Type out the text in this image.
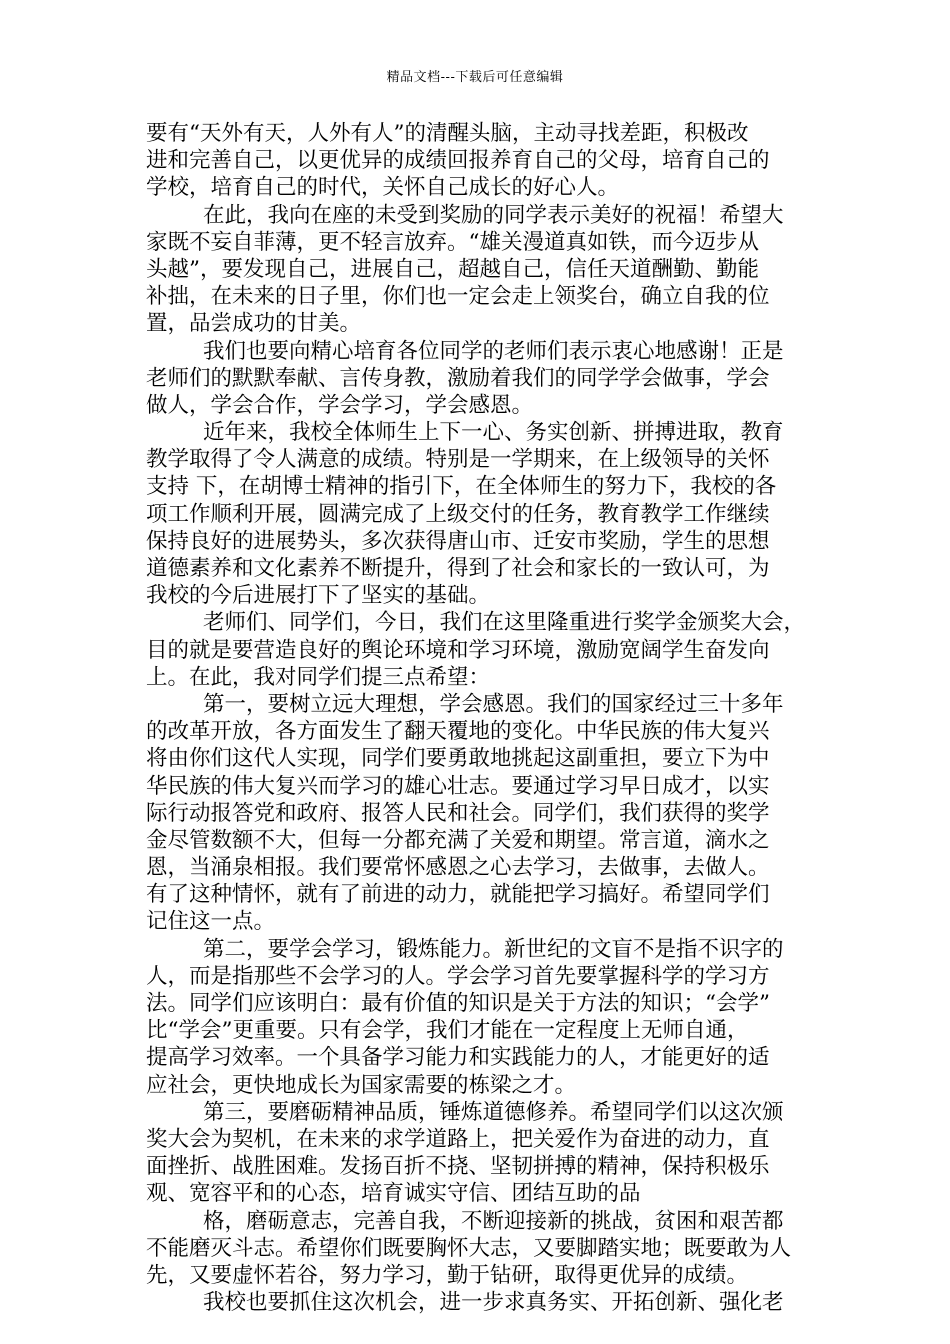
精品文档---下载后可任意编辑
要有“天外有天，人外有人”的清醒头脑，主动寻找差距，积极改
进和完善自己，以更优异的成绩回报养育自己的父母，培育自己的
学校，培育自己的时代，关怀自己成长的好心人。
在此，我向在座的未受到奖励的同学表示美好的祝福！希望大
家既不妄自菲薄，更不轻言放弃。“雄关漫道真如铁，而今迈步从
头越”，要发现自己，进展自己，超越自己，信任天道酬勤、勤能
补拙，在未来的日子里，你们也一定会走上领奖台，确立自我的位
置，品尝成功的甘美。
我们也要向精心培育各位同学的老师们表示衷心地感谢！正是
老师们的默默奉献、言传身教，激励着我们的同学学会做事，学会
做人，学会合作，学会学习，学会感恩。
近年来，我校全体师生上下一心、务实创新、拼搏进取，教育
教学取得了令人满意的成绩。特别是一学期来，在上级领导的关怀
支持 下，在胡博士精神的指引下，在全体师生的努力下，我校的各
项工作顺利开展，圆满完成了上级交付的任务，教育教学工作继续
保持良好的进展势头，多次获得唐山市、迁安市奖励，学生的思想
道德素养和文化素养不断提升，得到了社会和家长的一致认可，为
我校的今后进展打下了坚实的基础。
老师们、同学们，今日，我们在这里隆重进行奖学金颁奖大会，
目的就是要营造良好的舆论环境和学习环境，激励宽阔学生奋发向
上。在此，我对同学们提三点希望：
第一，要树立远大理想，学会感恩。我们的国家经过三十多年
的改革开放，各方面发生了翻天覆地的变化。中华民族的伟大复兴
将由你们这代人实现，同学们要勇敢地挑起这副重担，要立下为中
华民族的伟大复兴而学习的雄心壮志。要通过学习早日成才，以实
际行动报答党和政府、报答人民和社会。同学们，我们获得的奖学
金尽管数额不大，但每一分都充满了关爱和期望。常言道，滴水之
恩，当涌泉相报。我们要常怀感恩之心去学习，去做事，去做人。
有了这种情怀，就有了前进的动力，就能把学习搞好。希望同学们
记住这一点。
第二，要学会学习，锻炼能力。新世纪的文盲不是指不识字的
人，而是指那些不会学习的人。学会学习首先要掌握科学的学习方
法。同学们应该明白：最有价值的知识是关于方法的知识；“会学”
比“学会”更重要。只有会学，我们才能在一定程度上无师自通，
提高学习效率。一个具备学习能力和实践能力的人，才能更好的适
应社会，更快地成长为国家需要的栋梁之才。
第三，要磨砺精神品质，锤炼道德修养。希望同学们以这次颁
奖大会为契机，在未来的求学道路上，把关爱作为奋进的动力，直
面挫折、战胜困难。发扬百折不挠、坚韧拼搏的精神，保持积极乐
观、宽容平和的心态，培育诚实守信、团结互助的品
格，磨砺意志，完善自我，不断迎接新的挑战，贫困和艰苦都
不能磨灭斗志。希望你们既要胸怀大志，又要脚踏实地；既要敢为人
先，又要虚怀若谷，努力学习，勤于钻研，取得更优异的成绩。
我校也要抓住这次机会，进一步求真务实、开拓创新、强化老
